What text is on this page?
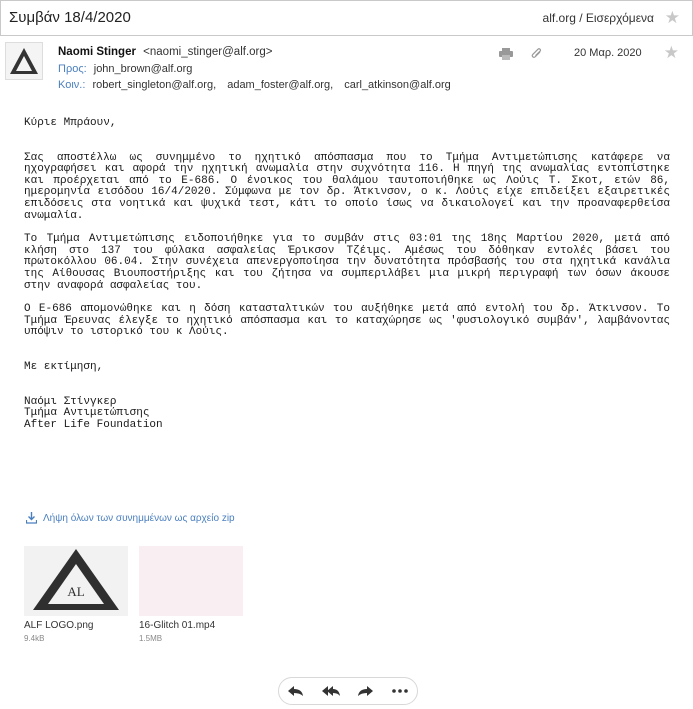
Συμβάν 18/4/2020	alf.org / Εισερχόμενα ★
Naomi Stinger <naomi_stinger@alf.org>
Προς: john_brown@alf.org
Κοιν.: robert_singleton@alf.org, adam_foster@alf.org, carl_atkinson@alf.org
20 Μαρ. 2020 ★

Κύριε Μπράουν,

Σας αποστέλλω ως συνημμένο το ηχητικό απόσπασμα που το Τμήμα Αντιμετώπισης κατάφερε να ηχογραφήσει και αφορά την ηχητική ανωμαλία στην συχνότητα 116. Η πηγή της ανωμαλίας εντοπίστηκε και προέρχεται από το Ε-686. Ο ένοικος του θαλάμου ταυτοποιήθηκε ως Λούις Τ. Σκοτ, ετών 86, ημερομηνία εισόδου 16/4/2020. Σύμφωνα με τον δρ. Άτκινσον, ο κ. Λούις είχε επιδείξει εξαιρετικές επιδόσεις στα νοητικά και ψυχικά τεστ, κάτι το οποίο ίσως να δικαιολογεί και την προαναφερθείσα ανωμαλία.

Το Τμήμα Αντιμετώπισης ειδοποιήθηκε για το συμβάν στις 03:01 της 18ης Μαρτίου 2020, μετά από κλήση στο 137 του φύλακα ασφαλείας Έρικσον Τζέιμς. Αμέσως του δόθηκαν εντολές βάσει του πρωτοκόλλου 06.04. Στην συνέχεια απενεργοποίησα την δυνατότητα πρόσβασής του στα ηχητικά κανάλια της Αίθουσας Βιουποστήριξης και του ζήτησα να συμπεριλάβει μια μικρή περιγραφή των όσων άκουσε στην αναφορά ασφαλείας του.

Ο Ε-686 απομονώθηκε και η δόση κατασταλτικών του αυξήθηκε μετά από εντολή του δρ. Άτκινσον. Το Τμήμα Έρευνας έλεγξε το ηχητικό απόσπασμα και το καταχώρησε ως 'φυσιολογικό συμβάν', λαμβάνοντας υπόψιν το ιστορικό του κ Λούις.

Με εκτίμηση,

Ναόμι Στίνγκερ

Τμήμα Αντιμετώπισης

After Life Foundation

Λήψη όλων των συνημμένων ως αρχείο zip
AL
ALF LOGO.png
9.4kB
16-Glitch 01.mp4
1.5MB
